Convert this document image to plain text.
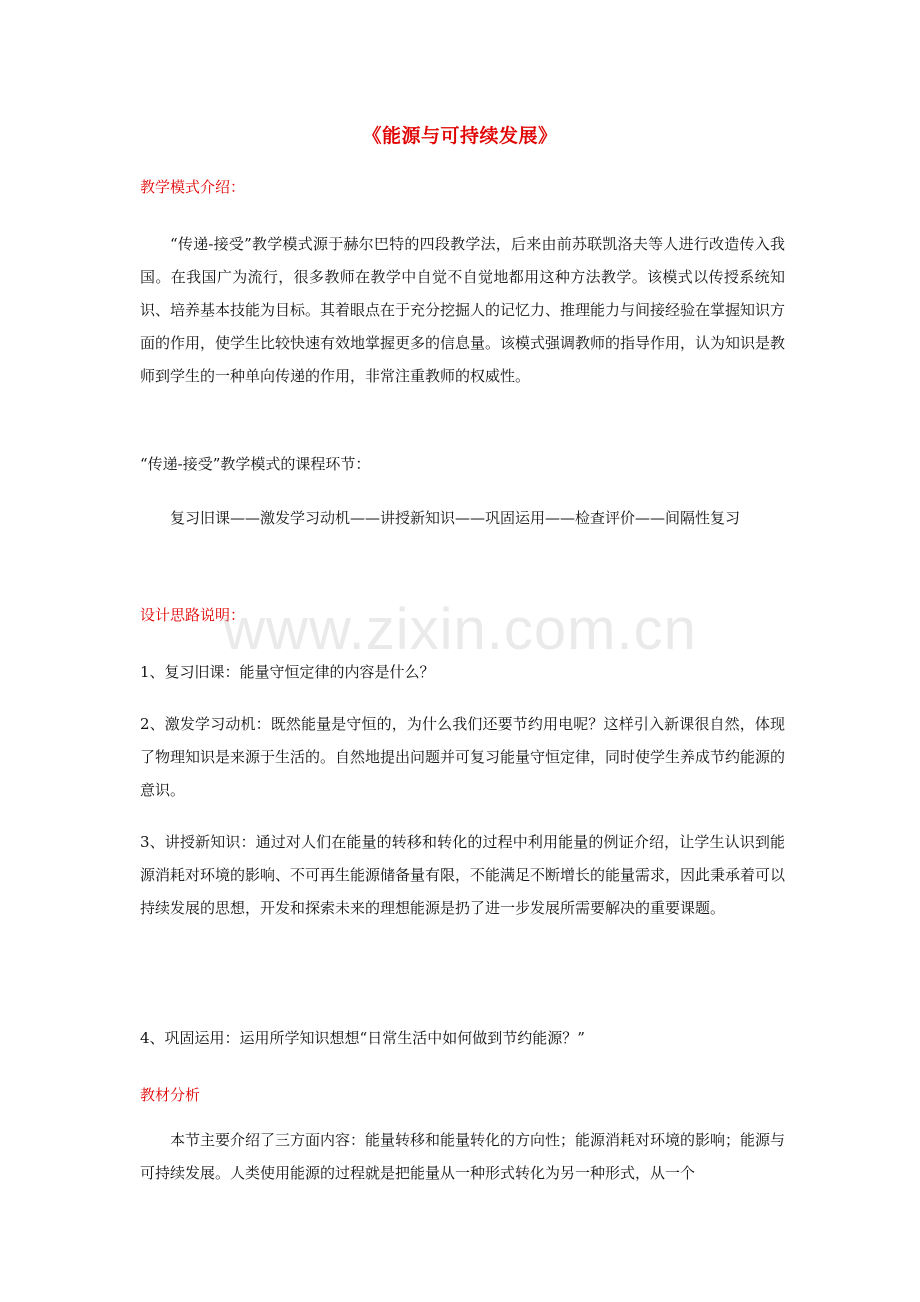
《能源与可持续发展》
教学模式介绍：

“传递-接受”教学模式源于赫尔巴特的四段教学法，后来由前苏联凯洛夫等人进行改造传入我国。在我国广为流行，很多教师在教学中自觉不自觉地都用这种方法教学。该模式以传授系统知识、培养基本技能为目标。其着眼点在于充分挖掘人的记忆力、推理能力与间接经验在掌握知识方面的作用，使学生比较快速有效地掌握更多的信息量。该模式强调教师的指导作用，认为知识是教师到学生的一种单向传递的作用，非常注重教师的权威性。

“传递-接受”教学模式的课程环节：

复习旧课——激发学习动机——讲授新知识——巩固运用——检查评价——间隔性复习

设计思路说明：

1、复习旧课：能量守恒定律的内容是什么？

2、激发学习动机：既然能量是守恒的，为什么我们还要节约用电呢？这样引入新课很自然，体现了物理知识是来源于生活的。自然地提出问题并可复习能量守恒定律，同时使学生养成节约能源的意识。

3、讲授新知识：通过对人们在能量的转移和转化的过程中利用能量的例证介绍，让学生认识到能源消耗对环境的影响、不可再生能源储备量有限，不能满足不断增长的能量需求，因此秉承着可以持续发展的思想，开发和探索未来的理想能源是扔了进一步发展所需要解决的重要课题。

4、巩固运用：运用所学知识想想“日常生活中如何做到节约能源？”

教材分析

本节主要介绍了三方面内容：能量转移和能量转化的方向性；能源消耗对环境的影响；能源与可持续发展。人类使用能源的过程就是把能量从一种形式转化为另一种形式，从一个

www.zixin.com.cn
